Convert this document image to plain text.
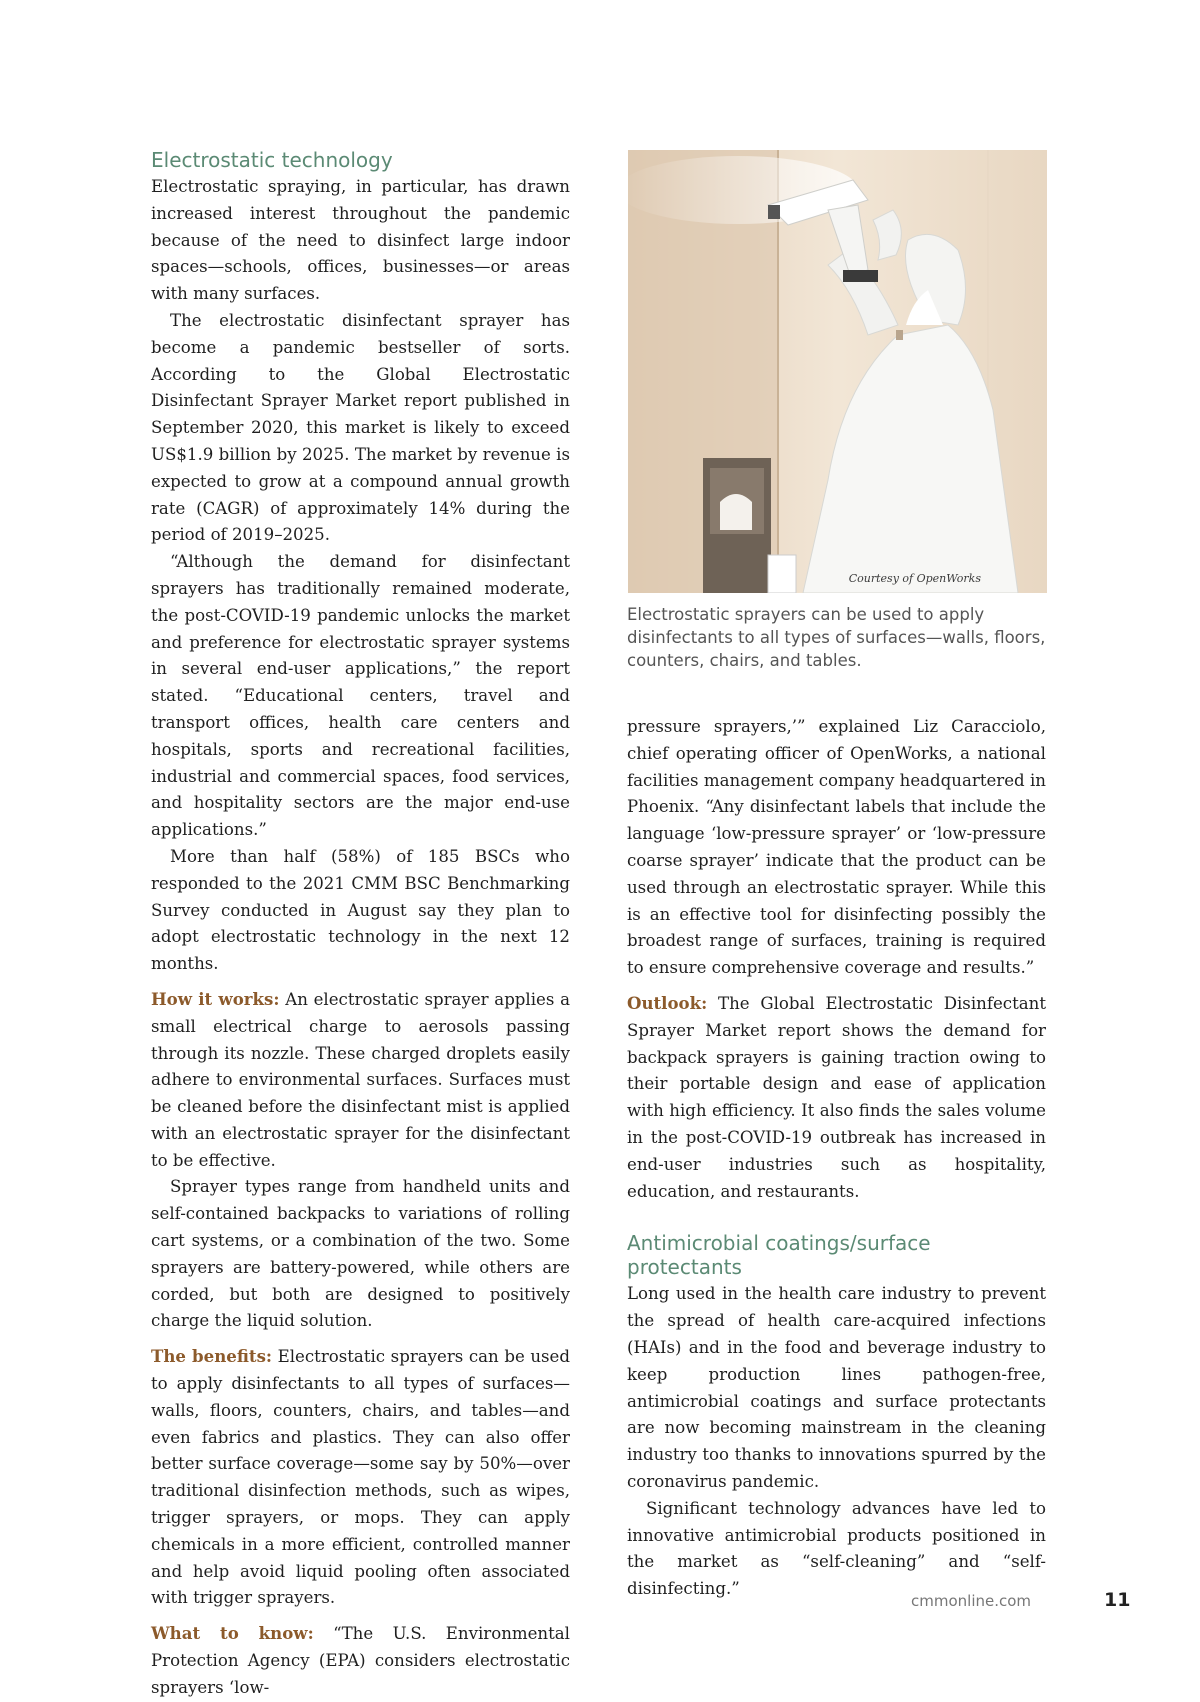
Electrostatic technology

Electrostatic spraying, in particular, has drawn increased interest throughout the pandemic because of the need to disinfect large indoor spaces—schools, offices, businesses—or areas with many surfaces.

The electrostatic disinfectant sprayer has become a pandemic bestseller of sorts. According to the Global Electrostatic Disinfectant Sprayer Market report published in September 2020, this market is likely to exceed US$1.9 billion by 2025. The market by revenue is expected to grow at a compound annual growth rate (CAGR) of approximately 14% during the period of 2019–2025.

“Although the demand for disinfectant sprayers has traditionally remained moderate, the post-COVID-19 pandemic unlocks the market and preference for electrostatic sprayer systems in several end-user applications,” the report stated. “Educational centers, travel and transport offices, health care centers and hospitals, sports and recreational facilities, industrial and commercial spaces, food services, and hospitality sectors are the major end-use applications.”

More than half (58%) of 185 BSCs who responded to the 2021 CMM BSC Benchmarking Survey conducted in August say they plan to adopt electrostatic technology in the next 12 months.

How it works: An electrostatic sprayer applies a small electrical charge to aerosols passing through its nozzle. These charged droplets easily adhere to environmental surfaces. Surfaces must be cleaned before the disinfectant mist is applied with an electrostatic sprayer for the disinfectant to be effective.

Sprayer types range from handheld units and self-contained backpacks to variations of rolling cart systems, or a combination of the two. Some sprayers are battery-powered, while others are corded, but both are designed to positively charge the liquid solution.

The benefits: Electrostatic sprayers can be used to apply disinfectants to all types of surfaces—walls, floors, counters, chairs, and tables—and even fabrics and plastics. They can also offer better surface coverage—some say by 50%—over traditional disinfection methods, such as wipes, trigger sprayers, or mops. They can apply chemicals in a more efficient, controlled manner and help avoid liquid pooling often associated with trigger sprayers.

What to know: “The U.S. Environmental Protection Agency (EPA) considers electrostatic sprayers ‘low-

Courtesy of OpenWorks

Electrostatic sprayers can be used to apply disinfectants to all types of surfaces—walls, floors, counters, chairs, and tables.

pressure sprayers,’” explained Liz Caracciolo, chief operating officer of OpenWorks, a national facilities management company headquartered in Phoenix. “Any disinfectant labels that include the language ‘low-pressure sprayer’ or ‘low-pressure coarse sprayer’ indicate that the product can be used through an electrostatic sprayer. While this is an effective tool for disinfecting possibly the broadest range of surfaces, training is required to ensure comprehensive coverage and results.”

Outlook: The Global Electrostatic Disinfectant Sprayer Market report shows the demand for backpack sprayers is gaining traction owing to their portable design and ease of application with high efficiency. It also finds the sales volume in the post-COVID-19 outbreak has increased in end-user industries such as hospitality, education, and restaurants.

Antimicrobial coatings/surface protectants

Long used in the health care industry to prevent the spread of health care-acquired infections (HAIs) and in the food and beverage industry to keep production lines pathogen-free, antimicrobial coatings and surface protectants are now becoming mainstream in the cleaning industry too thanks to innovations spurred by the coronavirus pandemic.

Significant technology advances have led to innovative antimicrobial products positioned in the market as “self-cleaning” and “self-disinfecting.”

cmmonline.com	11
